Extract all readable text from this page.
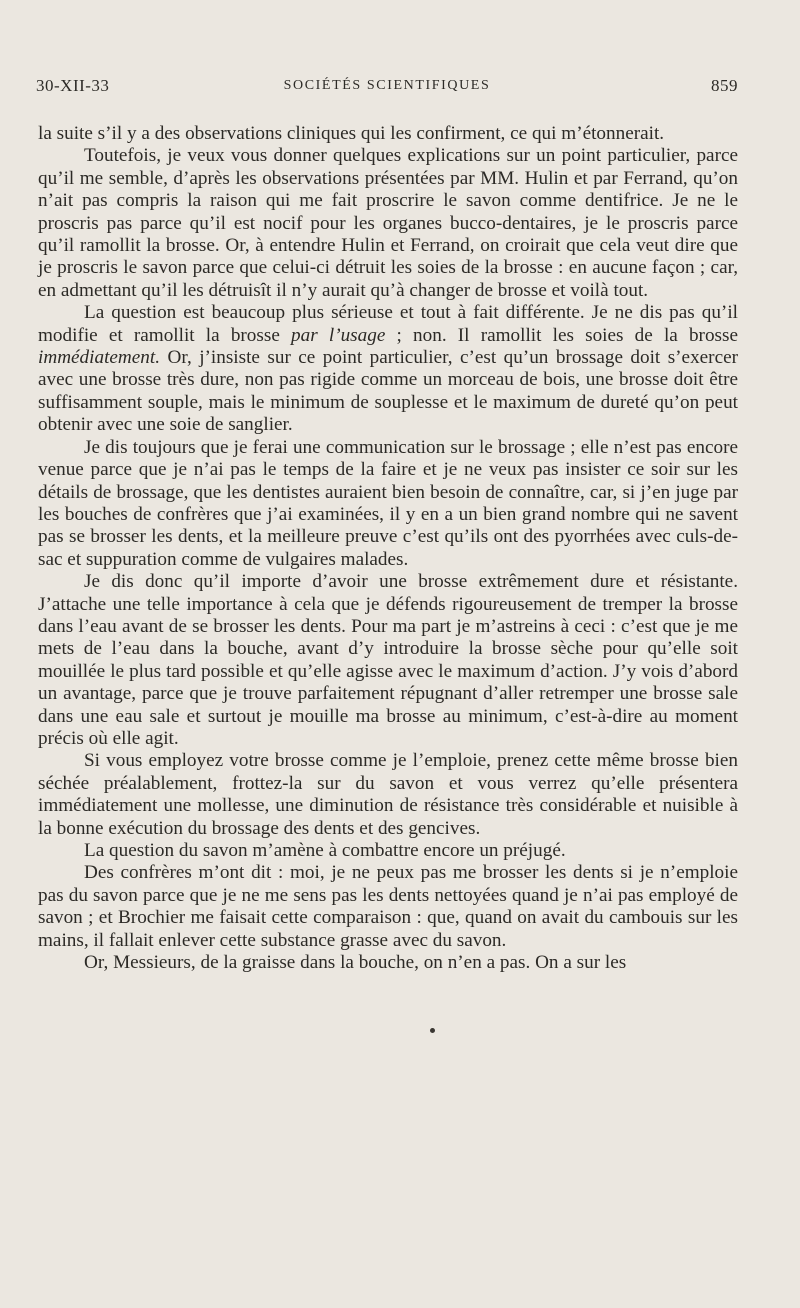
30-XII-33	SOCIÉTÉS SCIENTIFIQUES	859

la suite s’il y a des observations cliniques qui les confirment, ce qui m’étonnerait.

Toutefois, je veux vous donner quelques explications sur un point particulier, parce qu’il me semble, d’après les observations présentées par MM. Hulin et par Ferrand, qu’on n’ait pas compris la raison qui me fait proscrire le savon comme dentifrice. Je ne le proscris pas parce qu’il est nocif pour les organes bucco-dentaires, je le proscris parce qu’il ramollit la brosse. Or, à entendre Hulin et Ferrand, on croirait que cela veut dire que je proscris le savon parce que celui-ci détruit les soies de la brosse : en aucune façon ; car, en admettant qu’il les détruisît il n’y aurait qu’à changer de brosse et voilà tout.

La question est beaucoup plus sérieuse et tout à fait différente. Je ne dis pas qu’il modifie et ramollit la brosse par l’usage ; non. Il ramollit les soies de la brosse immédiatement. Or, j’insiste sur ce point particulier, c’est qu’un brossage doit s’exercer avec une brosse très dure, non pas rigide comme un morceau de bois, une brosse doit être suffisamment souple, mais le minimum de souplesse et le maximum de dureté qu’on peut obtenir avec une soie de sanglier.

Je dis toujours que je ferai une communication sur le brossage ; elle n’est pas encore venue parce que je n’ai pas le temps de la faire et je ne veux pas insister ce soir sur les détails de brossage, que les dentistes auraient bien besoin de connaître, car, si j’en juge par les bouches de confrères que j’ai examinées, il y en a un bien grand nombre qui ne savent pas se brosser les dents, et la meilleure preuve c’est qu’ils ont des pyorrhées avec culs-de-sac et suppuration comme de vulgaires malades.

Je dis donc qu’il importe d’avoir une brosse extrêmement dure et résistante. J’attache une telle importance à cela que je défends rigoureusement de tremper la brosse dans l’eau avant de se brosser les dents. Pour ma part je m’astreins à ceci : c’est que je me mets de l’eau dans la bouche, avant d’y introduire la brosse sèche pour qu’elle soit mouillée le plus tard possible et qu’elle agisse avec le maximum d’action. J’y vois d’abord un avantage, parce que je trouve parfaitement répugnant d’aller retremper une brosse sale dans une eau sale et surtout je mouille ma brosse au minimum, c’est-à-dire au moment précis où elle agit.

Si vous employez votre brosse comme je l’emploie, prenez cette même brosse bien séchée préalablement, frottez-la sur du savon et vous verrez qu’elle présentera immédiatement une mollesse, une diminution de résistance très considérable et nuisible à la bonne exécution du brossage des dents et des gencives.

La question du savon m’amène à combattre encore un préjugé.

Des confrères m’ont dit : moi, je ne peux pas me brosser les dents si je n’emploie pas du savon parce que je ne me sens pas les dents nettoyées quand je n’ai pas employé de savon ; et Brochier me faisait cette comparaison : que, quand on avait du cambouis sur les mains, il fallait enlever cette substance grasse avec du savon.

Or, Messieurs, de la graisse dans la bouche, on n’en a pas. On a sur les
